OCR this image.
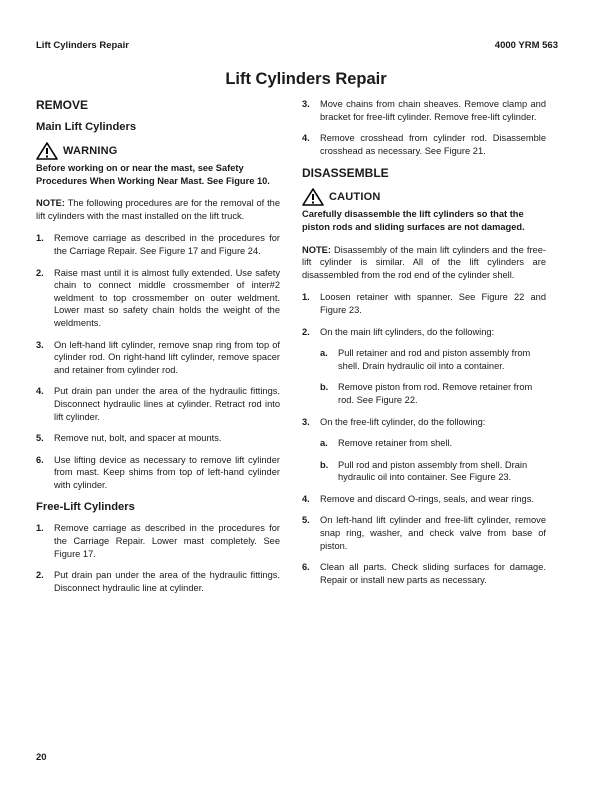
Lift Cylinders Repair	4000 YRM 563
Lift Cylinders Repair
REMOVE
Main Lift Cylinders
WARNING
Before working on or near the mast, see Safety Procedures When Working Near Mast. See Figure 10.
NOTE: The following procedures are for the removal of the lift cylinders with the mast installed on the lift truck.
1.	Remove carriage as described in the procedures for the Carriage Repair. See Figure 17 and Figure 24.
2.	Raise mast until it is almost fully extended. Use safety chain to connect middle crossmember of inter#2 weldment to top crossmember on outer weldment. Lower mast so safety chain holds the weight of the weldments.
3.	On left-hand lift cylinder, remove snap ring from top of cylinder rod. On right-hand lift cylinder, remove spacer and retainer from cylinder rod.
4.	Put drain pan under the area of the hydraulic fittings. Disconnect hydraulic lines at cylinder. Retract rod into lift cylinder.
5.	Remove nut, bolt, and spacer at mounts.
6.	Use lifting device as necessary to remove lift cylinder from mast. Keep shims from top of left-hand cylinder with cylinder.
Free-Lift Cylinders
1.	Remove carriage as described in the procedures for the Carriage Repair. Lower mast completely. See Figure 17.
2.	Put drain pan under the area of the hydraulic fittings. Disconnect hydraulic line at cylinder.
3.	Move chains from chain sheaves. Remove clamp and bracket for free-lift cylinder. Remove free-lift cylinder.
4.	Remove crosshead from cylinder rod. Disassemble crosshead as necessary. See Figure 21.
DISASSEMBLE
CAUTION
Carefully disassemble the lift cylinders so that the piston rods and sliding surfaces are not damaged.
NOTE: Disassembly of the main lift cylinders and the free-lift cylinder is similar. All of the lift cylinders are disassembled from the rod end of the cylinder shell.
1.	Loosen retainer with spanner. See Figure 22 and Figure 23.
2.	On the main lift cylinders, do the following:
a.	Pull retainer and rod and piston assembly from shell. Drain hydraulic oil into a container.
b.	Remove piston from rod. Remove retainer from rod. See Figure 22.
3.	On the free-lift cylinder, do the following:
a.	Remove retainer from shell.
b.	Pull rod and piston assembly from shell. Drain hydraulic oil into container. See Figure 23.
4.	Remove and discard O-rings, seals, and wear rings.
5.	On left-hand lift cylinder and free-lift cylinder, remove snap ring, washer, and check valve from base of piston.
6.	Clean all parts. Check sliding surfaces for damage. Repair or install new parts as necessary.
20
